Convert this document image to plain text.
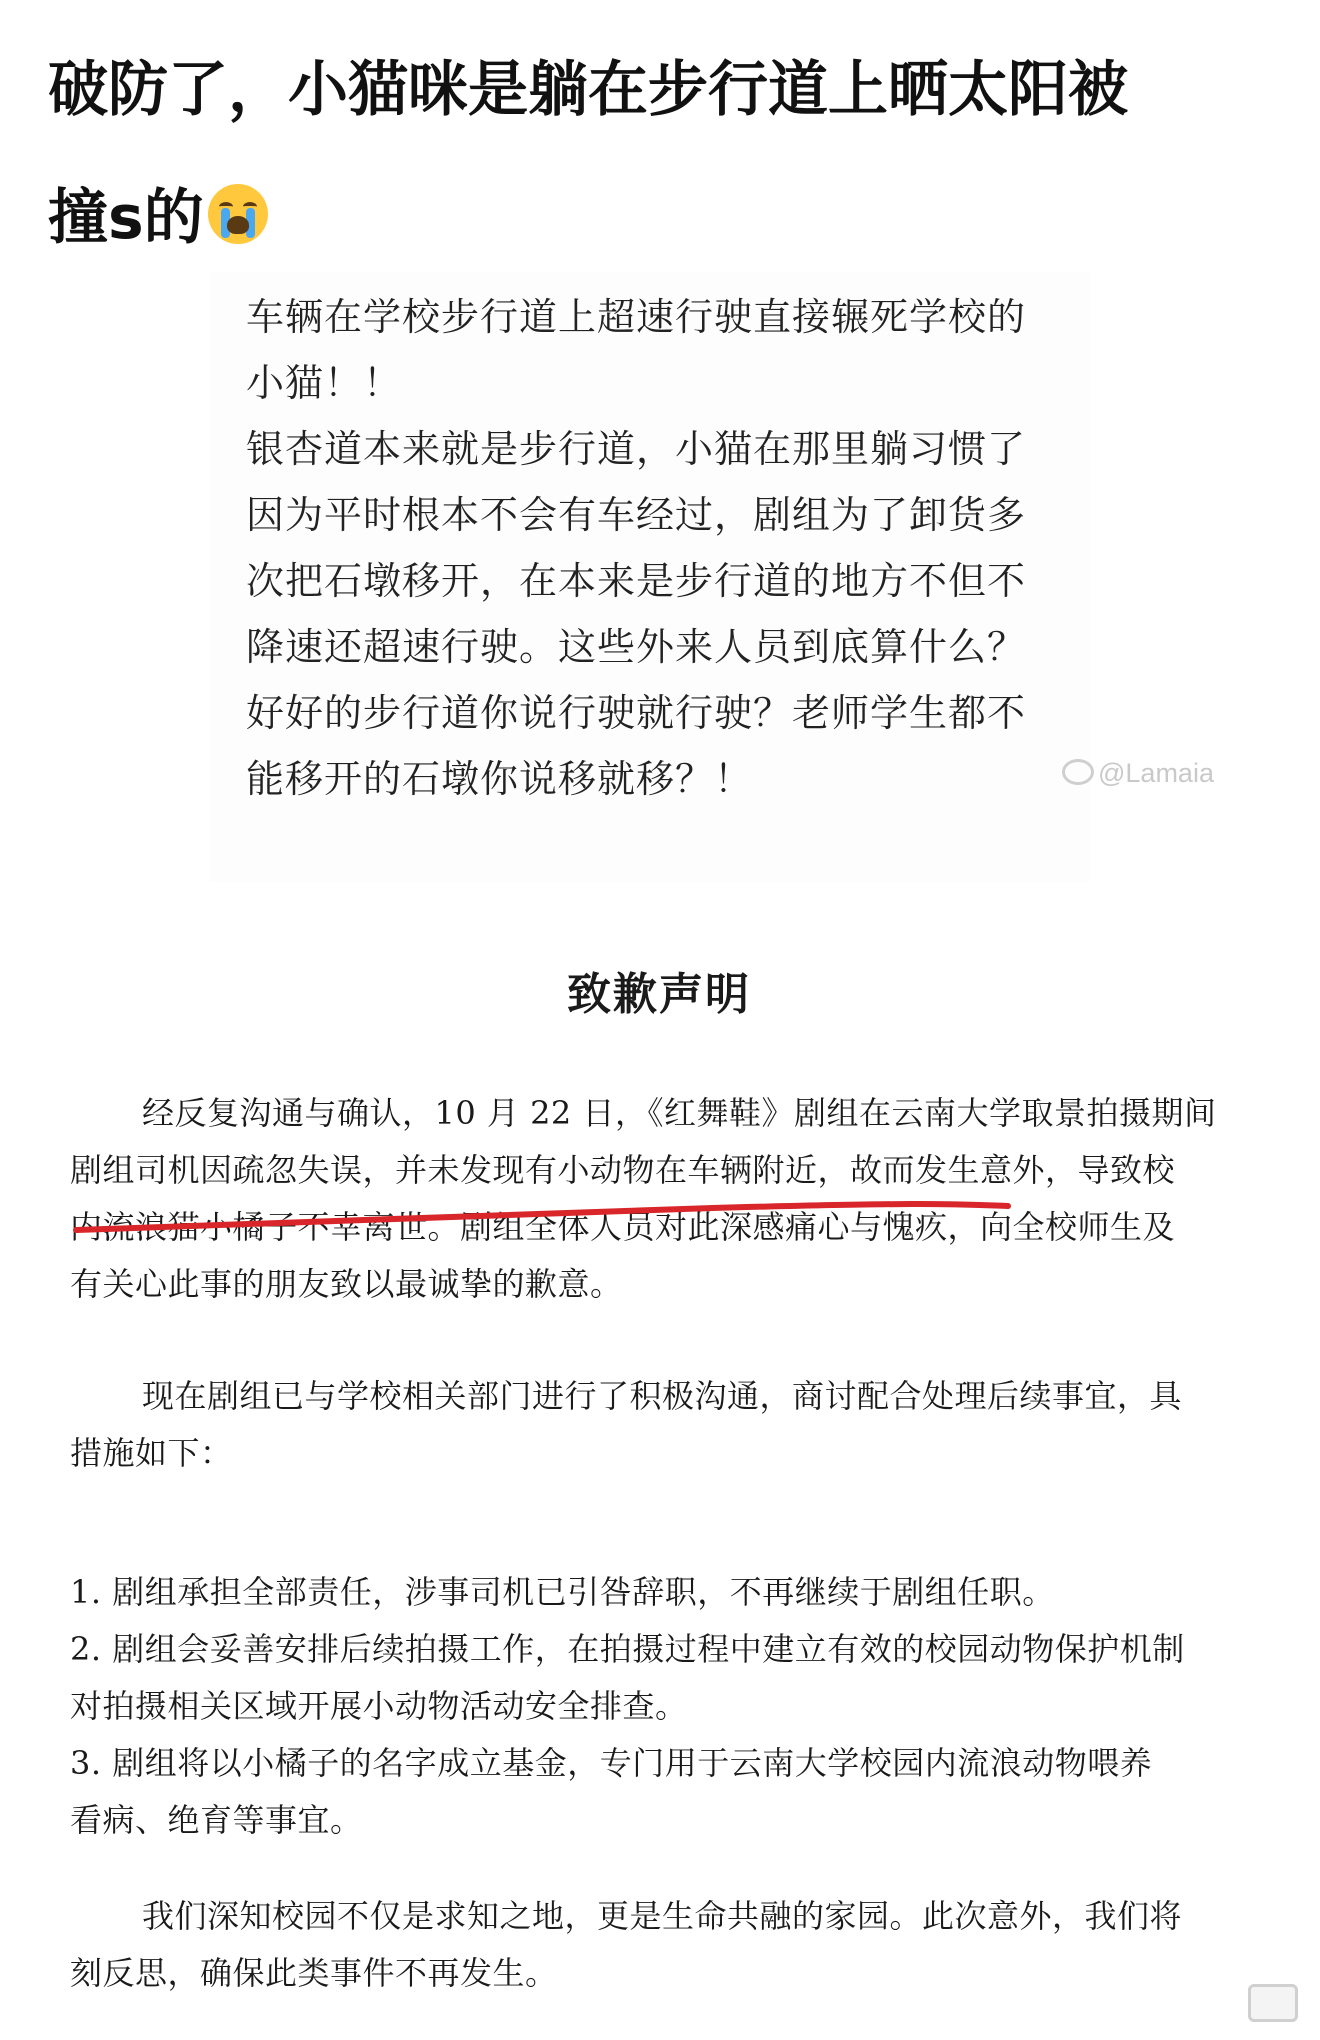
破防了，小猫咪是躺在步行道上晒太阳被
撞s的

车辆在学校步行道上超速行驶直接辗死学校的
小猫！！
银杏道本来就是步行道，小猫在那里躺习惯了
因为平时根本不会有车经过，剧组为了卸货多
次把石墩移开，在本来是步行道的地方不但不
降速还超速行驶。这些外来人员到底算什么？
好好的步行道你说行驶就行驶？老师学生都不
能移开的石墩你说移就移？！	@Lamaia
致歉声明

经反复沟通与确认，10 月 22 日，《红舞鞋》剧组在云南大学取景拍摄期间

剧组司机因疏忽失误，并未发现有小动物在车辆附近，故而发生意外，导致校

内流浪猫小橘子不幸离世。剧组全体人员对此深感痛心与愧疚，向全校师生及

有关心此事的朋友致以最诚挚的歉意。

现在剧组已与学校相关部门进行了积极沟通，商讨配合处理后续事宜，具

措施如下：

1. 剧组承担全部责任，涉事司机已引咎辞职，不再继续于剧组任职。

2. 剧组会妥善安排后续拍摄工作，在拍摄过程中建立有效的校园动物保护机制

对拍摄相关区域开展小动物活动安全排查。

3. 剧组将以小橘子的名字成立基金，专门用于云南大学校园内流浪动物喂养

看病、绝育等事宜。

我们深知校园不仅是求知之地，更是生命共融的家园。此次意外，我们将

刻反思，确保此类事件不再发生。
